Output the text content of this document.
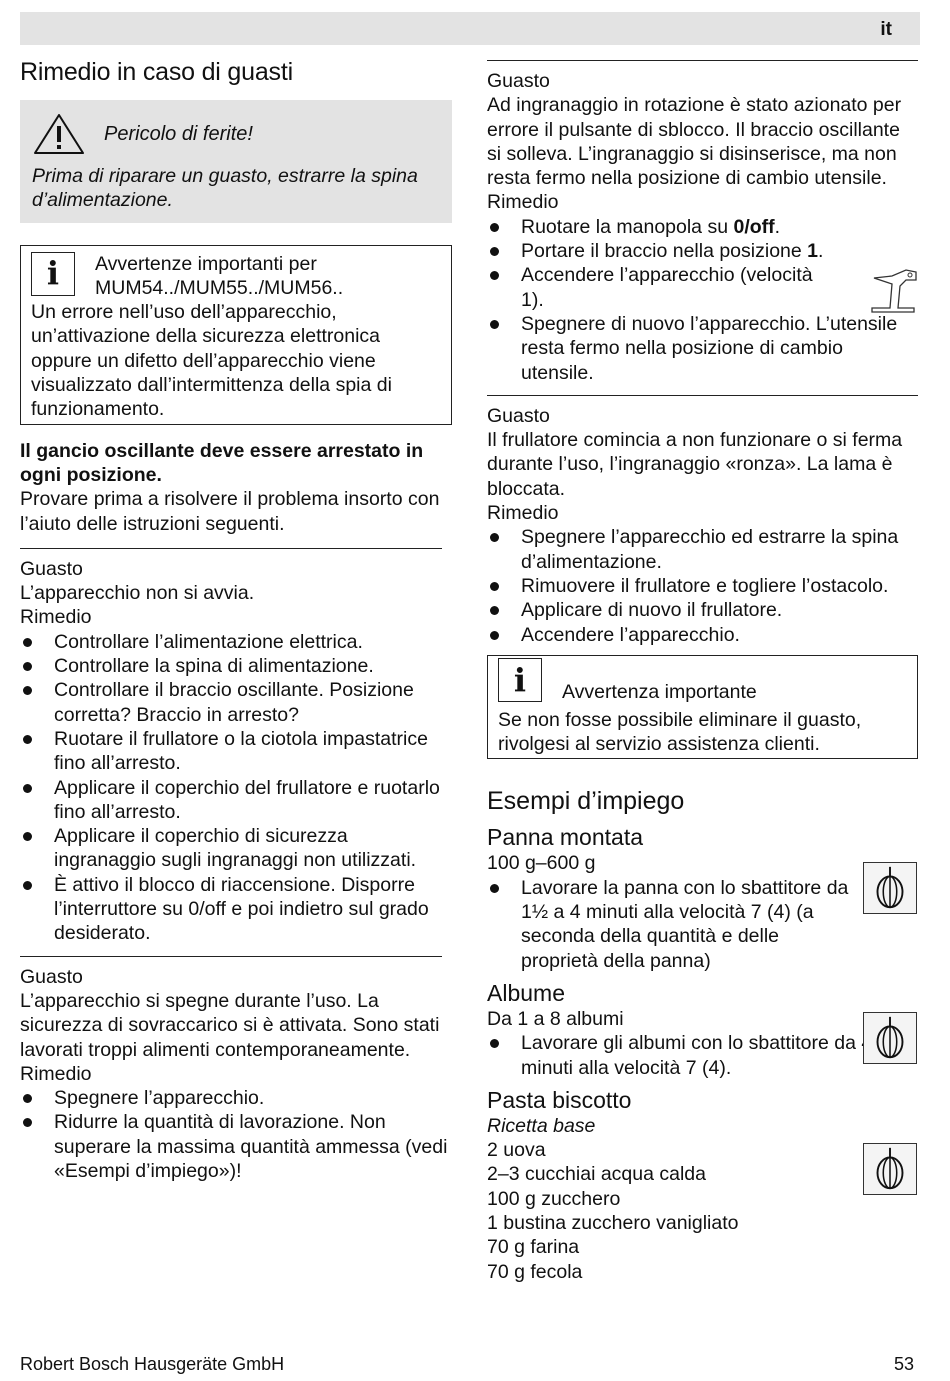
it
Rimedio in caso di guasti
Pericolo di ferite!

Prima di riparare un guasto, estrarre la spina d’alimentazione.

i	Avvertenze importanti per
MUM54../MUM55../MUM56..

Un errore nell’uso dell’apparecchio, un’attivazione della sicurezza elettronica oppure un difetto dell’apparecchio viene visualizzato dall’intermittenza della spia di funzionamento.

Il gancio oscillante deve essere arrestato in ogni posizione.

Provare prima a risolvere il problema insorto con l’aiuto delle istruzioni seguenti.

Guasto

L’apparecchio non si avvia.

Rimedio
Controllare l’alimentazione elettrica.
Controllare la spina di alimentazione.
Controllare il braccio oscillante. Posizione corretta? Braccio in arresto?
Ruotare il frullatore o la ciotola impastatrice fino all’arresto.
Applicare il coperchio del frullatore e ruotarlo fino all’arresto.
Applicare il coperchio di sicurezza ingranaggio sugli ingranaggi non utilizzati.
È attivo il blocco di riaccensione. Disporre l’interruttore su 0/off e poi indietro sul grado desiderato.
Guasto

L’apparecchio si spegne durante l’uso. La sicurezza di sovraccarico si è attivata. Sono stati lavorati troppi alimenti contemporaneamente.

Rimedio
Spegnere l’apparecchio.
Ridurre la quantità di lavorazione. Non superare la massima quantità ammessa (vedi «Esempi d’impiego»)!
Guasto

Ad ingranaggio in rotazione è stato azionato per errore il pulsante di sblocco. Il braccio oscillante si solleva. L’ingranaggio si disinserisce, ma non resta fermo nella posizione di cambio utensile.

Rimedio
Ruotare la manopola su 0/off.
Portare il braccio nella posizione 1.
Accendere l’apparecchio (velocità 1).
Spegnere di nuovo l’apparecchio. L’utensile resta fermo nella posizione di cambio utensile.
Guasto

Il frullatore comincia a non funzionare o si ferma durante l’uso, l’ingranaggio «ronza». La lama è bloccata.

Rimedio
Spegnere l’apparecchio ed estrarre la spina d’alimentazione.
Rimuovere il frullatore e togliere l’ostacolo.
Applicare di nuovo il frullatore.
Accendere l’apparecchio.
i	Avvertenza importante

Se non fosse possibile eliminare il guasto, rivolgesi al servizio assistenza clienti.

Esempi d’impiego
Panna montata

100 g–600 g

Lavorare la panna con lo sbattitore da 1½ a 4 minuti alla velocità 7 (4) (a seconda della quantità e delle proprietà della panna)
Albume

Da 1 a 8 albumi

Lavorare gli albumi con lo sbattitore da 4 a 6 minuti alla velocità 7 (4).
Pasta biscotto

Ricetta base

2 uova

2–3 cucchiai acqua calda

100 g zucchero

1 bustina zucchero vanigliato

70 g farina

70 g fecola

Robert Bosch Hausgeräte GmbH	53
